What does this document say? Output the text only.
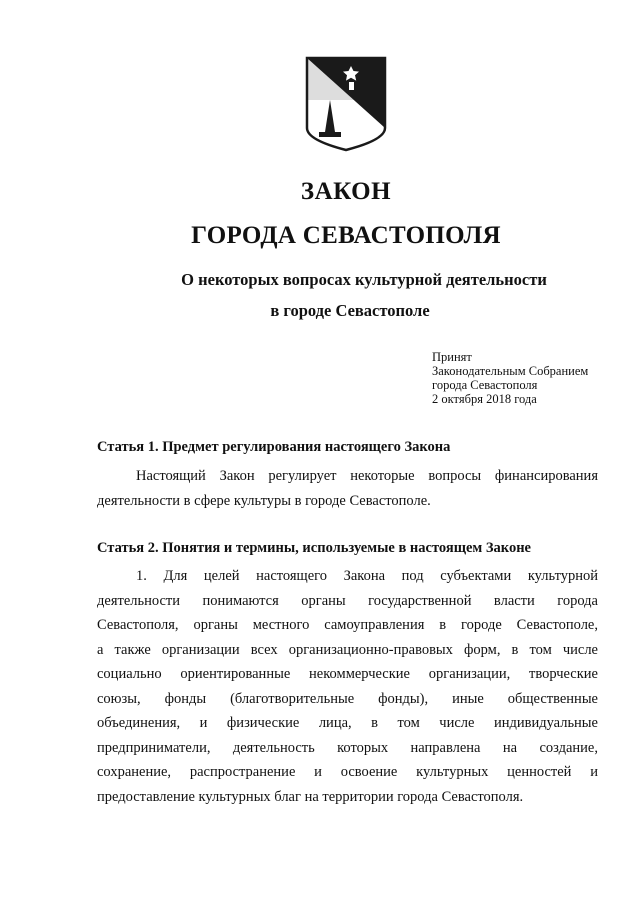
ЗАКОН
ГОРОДА СЕВАСТОПОЛЯ
О некоторых вопросах культурной деятельности
в городе Севастополе
Принят
Законодательным Собранием
города Севастополя
2 октября 2018 года
Статья 1. Предмет регулирования настоящего Закона
Настоящий Закон регулирует некоторые вопросы финансирования
деятельности в сфере культуры в городе Севастополе.
Статья 2. Понятия и термины, используемые в настоящем Законе
1. Для целей настоящего Закона под субъектами культурной
деятельности понимаются органы государственной власти города
Севастополя, органы местного самоуправления в городе Севастополе,
а также организации всех организационно-правовых форм, в том числе
социально ориентированные некоммерческие организации, творческие
союзы, фонды (благотворительные фонды), иные общественные
объединения, и физические лица, в том числе индивидуальные
предприниматели, деятельность которых направлена на создание,
сохранение, распространение и освоение культурных ценностей и
предоставление культурных благ на территории города Севастополя.
